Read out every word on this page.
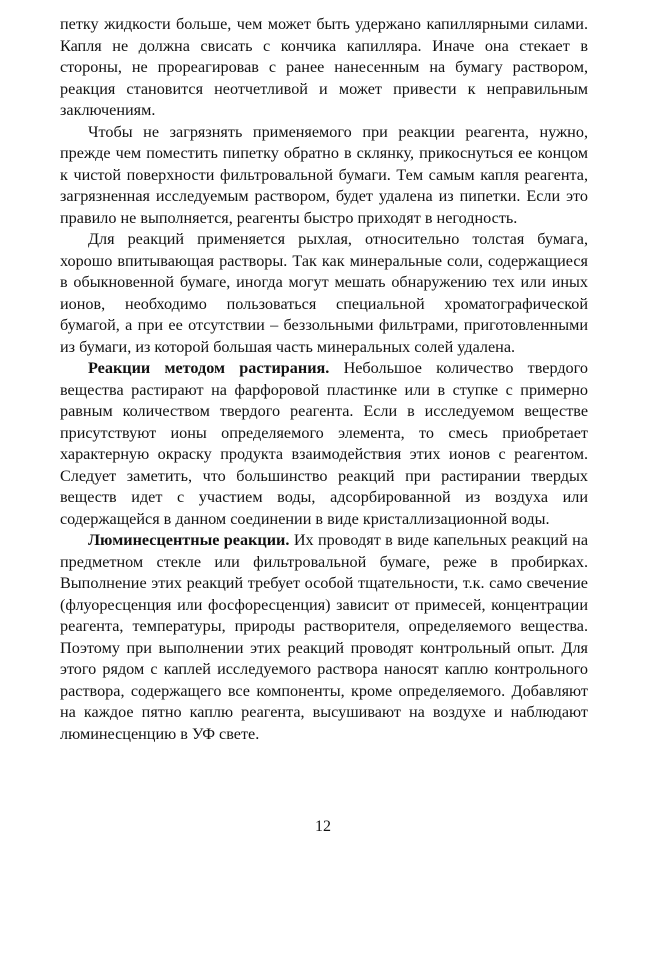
петку жидкости больше, чем может быть удержано капиллярными силами. Капля не должна свисать с кончика капилляра. Иначе она стекает в стороны, не прореагировав с ранее нанесенным на бумагу раствором, реакция становится неотчетливой и может привести к неправильным заключениям.

Чтобы не загрязнять применяемого при реакции реагента, нужно, прежде чем поместить пипетку обратно в склянку, прикоснуться ее концом к чистой поверхности фильтровальной бумаги. Тем самым капля реагента, загрязненная исследуемым раствором, будет удалена из пипетки. Если это правило не выполняется, реагенты быстро приходят в негодность.

Для реакций применяется рыхлая, относительно толстая бумага, хорошо впитывающая растворы. Так как минеральные соли, содержащиеся в обыкновенной бумаге, иногда могут мешать обнаружению тех или иных ионов, необходимо пользоваться специальной хроматографической бумагой, а при ее отсутствии – беззольными фильтрами, приготовленными из бумаги, из которой большая часть минеральных солей удалена.

Реакции методом растирания. Небольшое количество твердого вещества растирают на фарфоровой пластинке или в ступке с примерно равным количеством твердого реагента. Если в исследуемом веществе присутствуют ионы определяемого элемента, то смесь приобретает характерную окраску продукта взаимодействия этих ионов с реагентом. Следует заметить, что большинство реакций при растирании твердых веществ идет с участием воды, адсорбированной из воздуха или содержащейся в данном соединении в виде кристаллизационной воды.

Люминесцентные реакции. Их проводят в виде капельных реакций на предметном стекле или фильтровальной бумаге, реже в пробирках. Выполнение этих реакций требует особой тщательности, т.к. само свечение (флуоресценция или фосфоресценция) зависит от примесей, концентрации реагента, температуры, природы растворителя, определяемого вещества. Поэтому при выполнении этих реакций проводят контрольный опыт. Для этого рядом с каплей исследуемого раствора наносят каплю контрольного раствора, содержащего все компоненты, кроме определяемого. Добавляют на каждое пятно каплю реагента, высушивают на воздухе и наблюдают люминесценцию в УФ свете.

12
